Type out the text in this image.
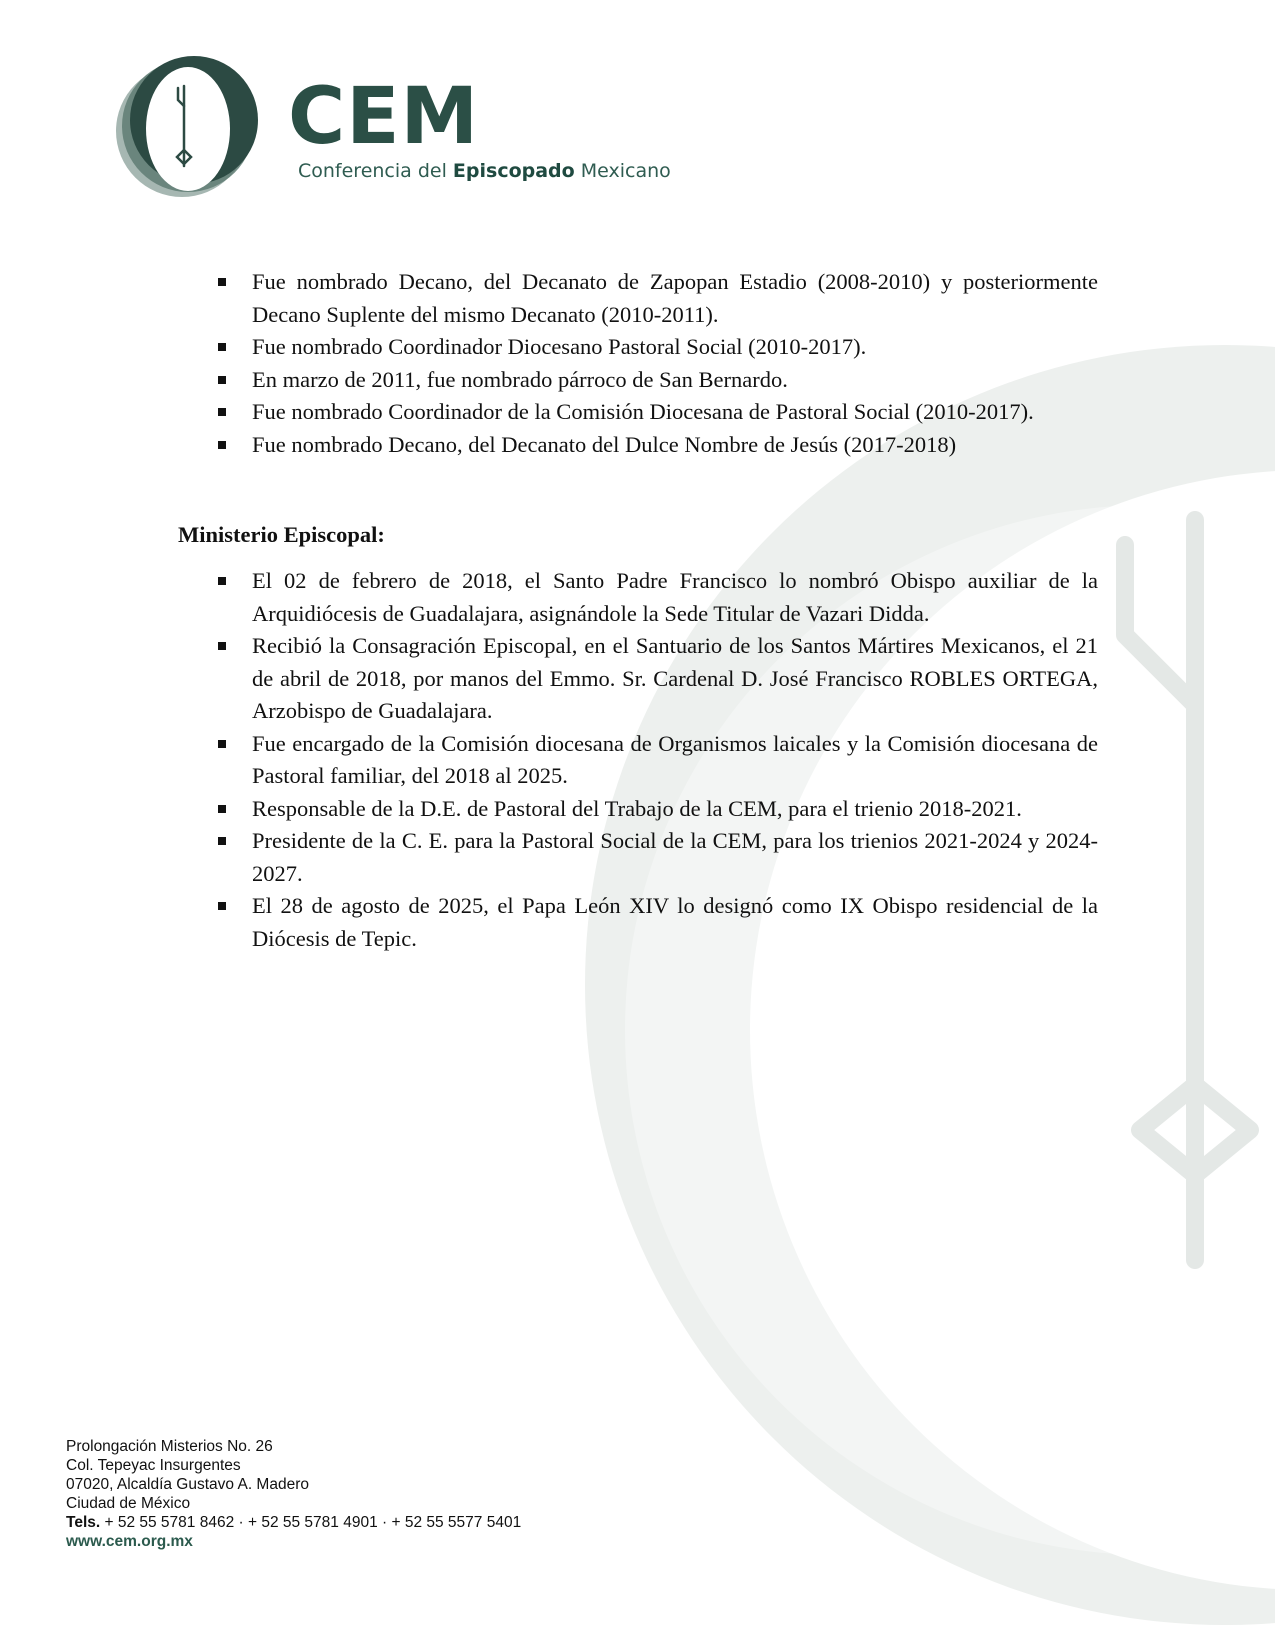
CEM
Conferencia del Episcopado Mexicano
Fue nombrado Decano, del Decanato de Zapopan Estadio (2008-2010) y posteriormente Decano Suplente del mismo Decanato (2010-2011).
Fue nombrado Coordinador Diocesano Pastoral Social (2010-2017).
En marzo de 2011, fue nombrado párroco de San Bernardo.
Fue nombrado Coordinador de la Comisión Diocesana de Pastoral Social (2010-2017).
Fue nombrado Decano, del Decanato del Dulce Nombre de Jesús (2017-2018)
Ministerio Episcopal:
El 02 de febrero de 2018, el Santo Padre Francisco lo nombró Obispo auxiliar de la Arquidiócesis de Guadalajara, asignándole la Sede Titular de Vazari Didda.
Recibió la Consagración Episcopal, en el Santuario de los Santos Mártires Mexicanos, el 21 de abril de 2018, por manos del Emmo. Sr. Cardenal D. José Francisco ROBLES ORTEGA, Arzobispo de Guadalajara.
Fue encargado de la Comisión diocesana de Organismos laicales y la Comisión diocesana de Pastoral familiar, del 2018 al 2025.
Responsable de la D.E. de Pastoral del Trabajo de la CEM, para el trienio 2018-2021.
Presidente de la C. E. para la Pastoral Social de la CEM, para los trienios 2021-2024 y 2024-2027.
El 28 de agosto de 2025, el Papa León XIV lo designó como IX Obispo residencial de la Diócesis de Tepic.
Prolongación Misterios No. 26
Col. Tepeyac Insurgentes
07020, Alcaldía Gustavo A. Madero
Ciudad de México
Tels. + 52 55 5781 8462 · + 52 55 5781 4901 · + 52 55 5577 5401
www.cem.org.mx
